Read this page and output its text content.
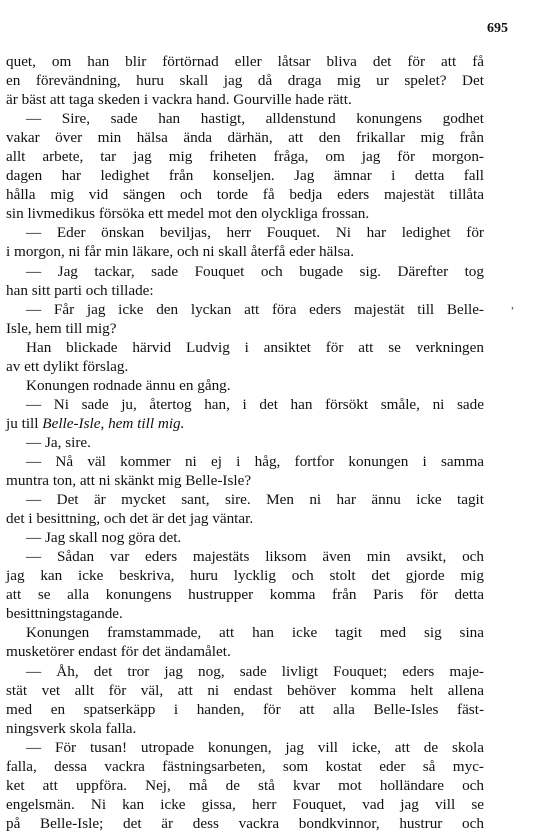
695
,
quet, om han blir förtörnad eller låtsar bliva det för att få
en förevändning, huru skall jag då draga mig ur spelet? Det
är bäst att taga skeden i vackra hand. Gourville hade rätt.
— Sire, sade han hastigt, alldenstund konungens godhet
vakar över min hälsa ända därhän, att den frikallar mig från
allt arbete, tar jag mig friheten fråga, om jag för morgon-
dagen har ledighet från konseljen. Jag ämnar i detta fall
hålla mig vid sängen och torde få bedja eders majestät tillåta
sin livmedikus försöka ett medel mot den olyckliga frossan.
— Eder önskan beviljas, herr Fouquet. Ni har ledighet för
i morgon, ni får min läkare, och ni skall återfå eder hälsa.
— Jag tackar, sade Fouquet och bugade sig. Därefter tog
han sitt parti och tillade:
— Får jag icke den lyckan att föra eders majestät till Belle-
Isle, hem till mig?
Han blickade härvid Ludvig i ansiktet för att se verkningen
av ett dylikt förslag.
Konungen rodnade ännu en gång.
— Ni sade ju, återtog han, i det han försökt småle, ni sade
ju till Belle-Isle, hem till mig.
— Ja, sire.
— Nå väl kommer ni ej i håg, fortfor konungen i samma
muntra ton, att ni skänkt mig Belle-Isle?
— Det är mycket sant, sire. Men ni har ännu icke tagit
det i besittning, och det är det jag väntar.
— Jag skall nog göra det.
— Sådan var eders majestäts liksom även min avsikt, och
jag kan icke beskriva, huru lycklig och stolt det gjorde mig
att se alla konungens hustrupper komma från Paris för detta
besittningstagande.
Konungen framstammade, att han icke tagit med sig sina
musketörer endast för det ändamålet.
— Åh, det tror jag nog, sade livligt Fouquet; eders maje-
stät vet allt för väl, att ni endast behöver komma helt allena
med en spatserkäpp i handen, för att alla Belle-Isles fäst-
ningsverk skola falla.
— För tusan! utropade konungen, jag vill icke, att de skola
falla, dessa vackra fästningsarbeten, som kostat eder så myc-
ket att uppföra. Nej, må de stå kvar mot holländare och
engelsmän. Ni kan icke gissa, herr Fouquet, vad jag vill se
på Belle-Isle; det är dess vackra bondkvinnor, hustrur och
